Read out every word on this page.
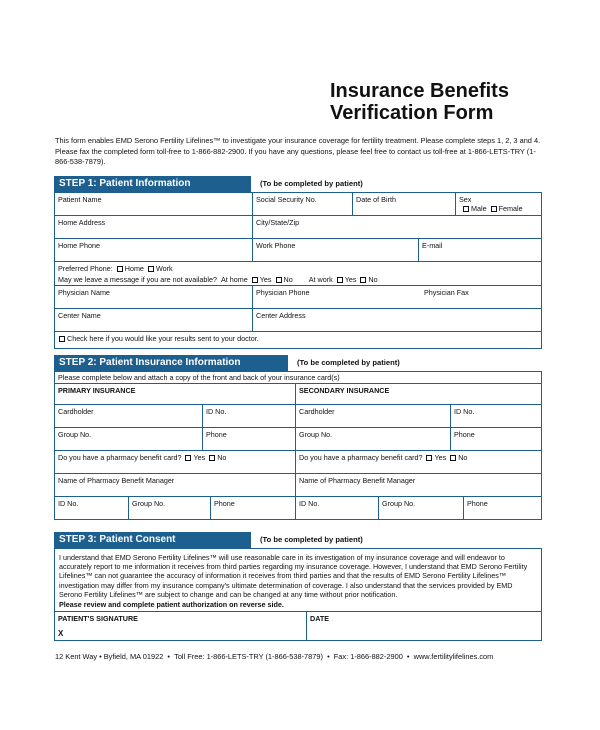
Insurance Benefits
Verification Form
This form enables EMD Serono Fertility Lifelines™ to investigate your insurance coverage for fertility treatment. Please complete steps 1, 2, 3 and 4. Please fax the completed form toll-free to 1-866-882-2900. If you have any questions, please feel free to contact us toll-free at 1-866-LETS-TRY (1-866-538-7879).
STEP 1: Patient Information	(To be completed by patient)
Patient Name	Social Security No.	Date of Birth	Sex
Male Female
Home Address	City/State/Zip
Home Phone	Work Phone	E-mail
Preferred Phone: Home Work
May we leave a message if you are not available? At home Yes No At work Yes No
Physician Name	Physician Phone	Physician Fax
Center Name	Center Address
Check here if you would like your results sent to your doctor.
STEP 2: Patient Insurance Information	(To be completed by patient)
Please complete below and attach a copy of the front and back of your insurance card(s)
PRIMARY INSURANCE	SECONDARY INSURANCE
Cardholder	ID No.	Cardholder	ID No.
Group No.	Phone	Group No.	Phone
Do you have a pharmacy benefit card? Yes No	Do you have a pharmacy benefit card? Yes No
Name of Pharmacy Benefit Manager	Name of Pharmacy Benefit Manager
ID No.	Group No.	Phone	ID No.	Group No.	Phone
STEP 3: Patient Consent	(To be completed by patient)
I understand that EMD Serono Fertility Lifelines™ will use reasonable care in its investigation of my insurance coverage and will endeavor to accurately report to me information it receives from third parties regarding my insurance coverage. However, I understand that EMD Serono Fertility Lifelines™ can not guarantee the accuracy of information it receives from third parties and that the results of EMD Serono Fertility Lifelines™ investigation may differ from my insurance company's ultimate determination of coverage. I also understand that the services provided by EMD Serono Fertility Lifelines™ are subject to change and can be changed at any time without prior notification.
Please review and complete patient authorization on reverse side.
PATIENT'S SIGNATURE
X
DATE
12 Kent Way • Byfield, MA 01922 • Toll Free: 1-866-LETS-TRY (1-866-538-7879) • Fax: 1-866-882-2900 • www.fertilitylifelines.com
